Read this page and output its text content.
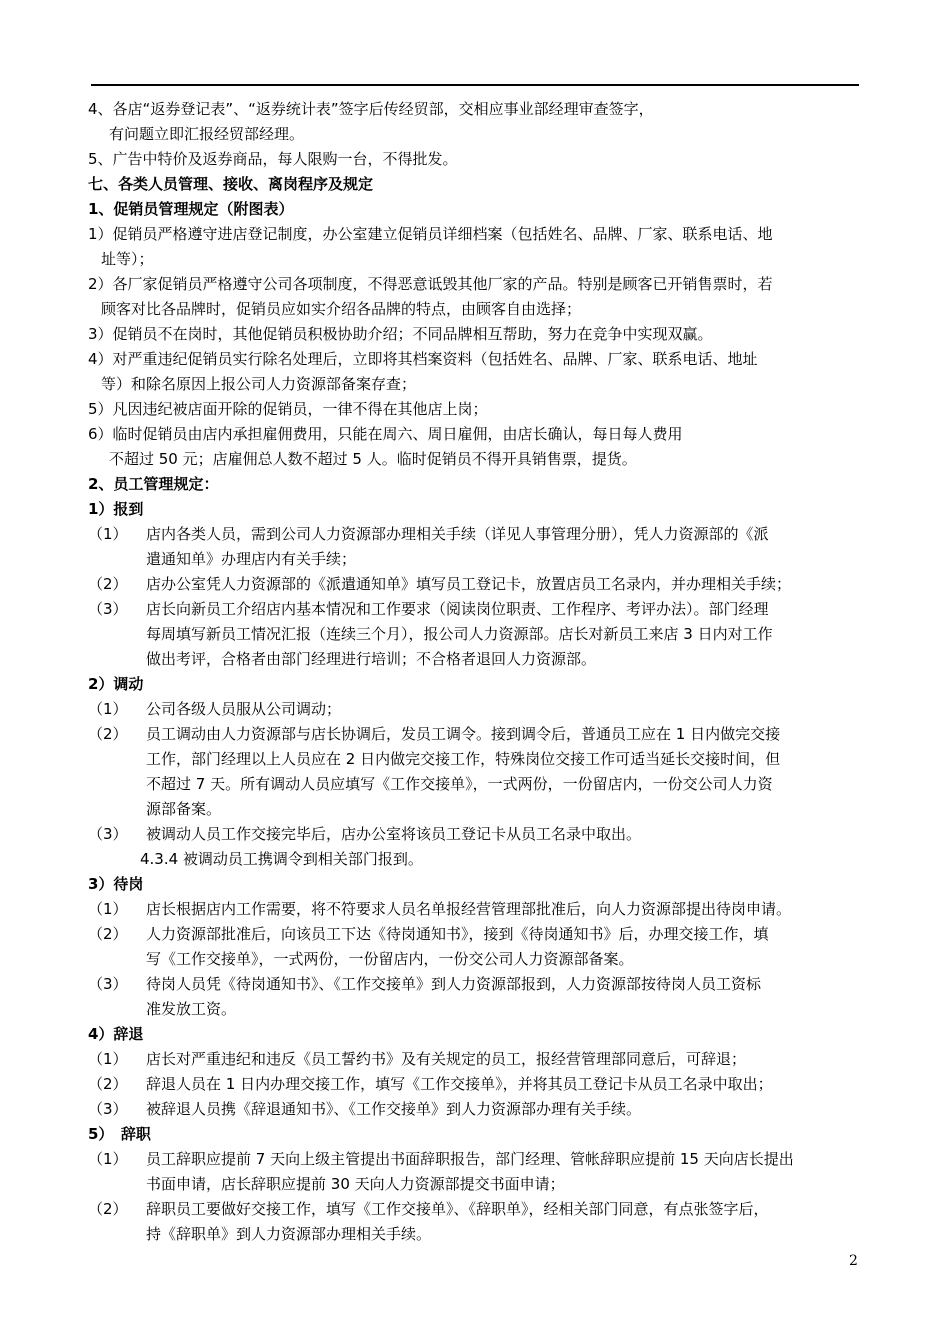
4、各店“返券登记表”、“返券统计表”签字后传经贸部，交相应事业部经理审查签字，
有问题立即汇报经贸部经理。
5、广告中特价及返券商品，每人限购一台，不得批发。
七、各类人员管理、接收、离岗程序及规定
1、促销员管理规定（附图表）
1）促销员严格遵守进店登记制度，办公室建立促销员详细档案（包括姓名、品牌、厂家、联系电话、地
址等）；
2）各厂家促销员严格遵守公司各项制度，不得恶意诋毁其他厂家的产品。特别是顾客已开销售票时，若
顾客对比各品牌时，促销员应如实介绍各品牌的特点，由顾客自由选择；
3）促销员不在岗时，其他促销员积极协助介绍；不同品牌相互帮助，努力在竞争中实现双赢。
4）对严重违纪促销员实行除名处理后，立即将其档案资料（包括姓名、品牌、厂家、联系电话、地址
等）和除名原因上报公司人力资源部备案存查；
5）凡因违纪被店面开除的促销员，一律不得在其他店上岗；
6）临时促销员由店内承担雇佣费用，只能在周六、周日雇佣，由店长确认，每日每人费用
不超过 50 元；店雇佣总人数不超过 5 人。临时促销员不得开具销售票，提货。
2、员工管理规定：
1）报到
（1） 店内各类人员，需到公司人力资源部办理相关手续（详见人事管理分册），凭人力资源部的《派
遣通知单》办理店内有关手续；
（2） 店办公室凭人力资源部的《派遣通知单》填写员工登记卡，放置店员工名录内，并办理相关手续；
（3） 店长向新员工介绍店内基本情况和工作要求（阅读岗位职责、工作程序、考评办法）。部门经理
每周填写新员工情况汇报（连续三个月），报公司人力资源部。店长对新员工来店 3 日内对工作
做出考评，合格者由部门经理进行培训；不合格者退回人力资源部。
2）调动
（1） 公司各级人员服从公司调动；
（2） 员工调动由人力资源部与店长协调后，发员工调令。接到调令后，普通员工应在 1 日内做完交接
工作，部门经理以上人员应在 2 日内做完交接工作，特殊岗位交接工作可适当延长交接时间，但
不超过 7 天。所有调动人员应填写《工作交接单》，一式两份，一份留店内，一份交公司人力资
源部备案。
（3） 被调动人员工作交接完毕后，店办公室将该员工登记卡从员工名录中取出。
4.3.4 被调动员工携调令到相关部门报到。
3）待岗
（1） 店长根据店内工作需要，将不符要求人员名单报经营管理部批准后，向人力资源部提出待岗申请。
（2） 人力资源部批准后，向该员工下达《待岗通知书》，接到《待岗通知书》后，办理交接工作，填
写《工作交接单》，一式两份，一份留店内，一份交公司人力资源部备案。
（3） 待岗人员凭《待岗通知书》、《工作交接单》到人力资源部报到，人力资源部按待岗人员工资标
准发放工资。
4）辞退
（1） 店长对严重违纪和违反《员工誓约书》及有关规定的员工，报经营管理部同意后，可辞退；
（2） 辞退人员在 1 日内办理交接工作，填写《工作交接单》，并将其员工登记卡从员工名录中取出；
（3） 被辞退人员携《辞退通知书》、《工作交接单》到人力资源部办理有关手续。
5）　辞职
（1） 员工辞职应提前 7 天向上级主管提出书面辞职报告，部门经理、管帐辞职应提前 15 天向店长提出
书面申请，店长辞职应提前 30 天向人力资源部提交书面申请；
（2） 辞职员工要做好交接工作，填写《工作交接单》、《辞职单》，经相关部门同意，有点张签字后，
持《辞职单》到人力资源部办理相关手续。
2
